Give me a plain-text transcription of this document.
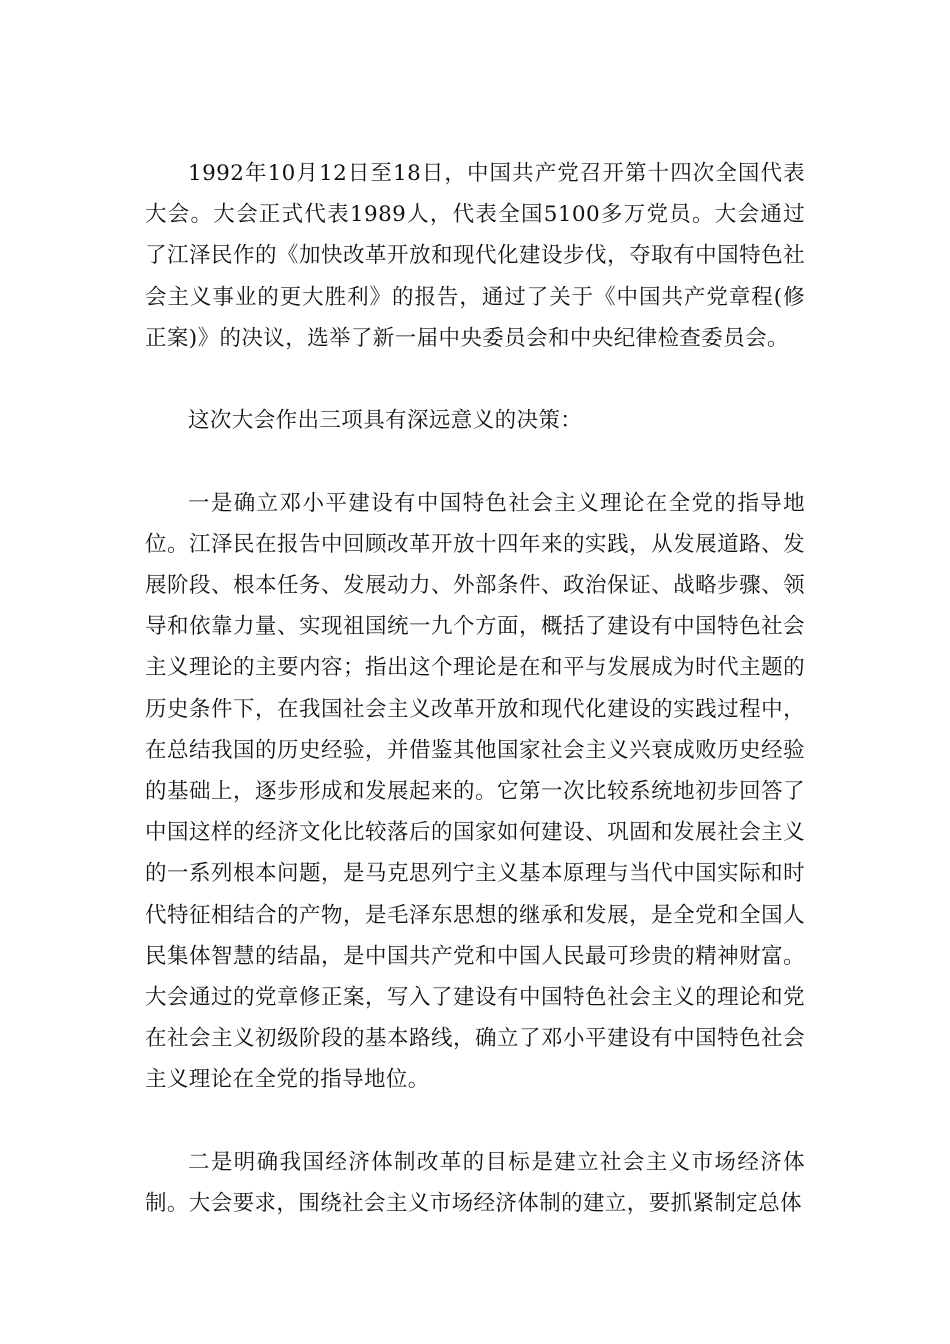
1992年10月12日至18日，中国共产党召开第十四次全国代表大会。大会正式代表1989人，代表全国5100多万党员。大会通过了江泽民作的《加快改革开放和现代化建设步伐，夺取有中国特色社会主义事业的更大胜利》的报告，通过了关于《中国共产党章程(修正案)》的决议，选举了新一届中央委员会和中央纪律检查委员会。

这次大会作出三项具有深远意义的决策：

一是确立邓小平建设有中国特色社会主义理论在全党的指导地位。江泽民在报告中回顾改革开放十四年来的实践，从发展道路、发展阶段、根本任务、发展动力、外部条件、政治保证、战略步骤、领导和依靠力量、实现祖国统一九个方面，概括了建设有中国特色社会主义理论的主要内容；指出这个理论是在和平与发展成为时代主题的历史条件下，在我国社会主义改革开放和现代化建设的实践过程中，在总结我国的历史经验，并借鉴其他国家社会主义兴衰成败历史经验的基础上，逐步形成和发展起来的。它第一次比较系统地初步回答了中国这样的经济文化比较落后的国家如何建设、巩固和发展社会主义的一系列根本问题，是马克思列宁主义基本原理与当代中国实际和时代特征相结合的产物，是毛泽东思想的继承和发展，是全党和全国人民集体智慧的结晶，是中国共产党和中国人民最可珍贵的精神财富。大会通过的党章修正案，写入了建设有中国特色社会主义的理论和党在社会主义初级阶段的基本路线，确立了邓小平建设有中国特色社会主义理论在全党的指导地位。

二是明确我国经济体制改革的目标是建立社会主义市场经济体制。大会要求，围绕社会主义市场经济体制的建立，要抓紧制定总体
